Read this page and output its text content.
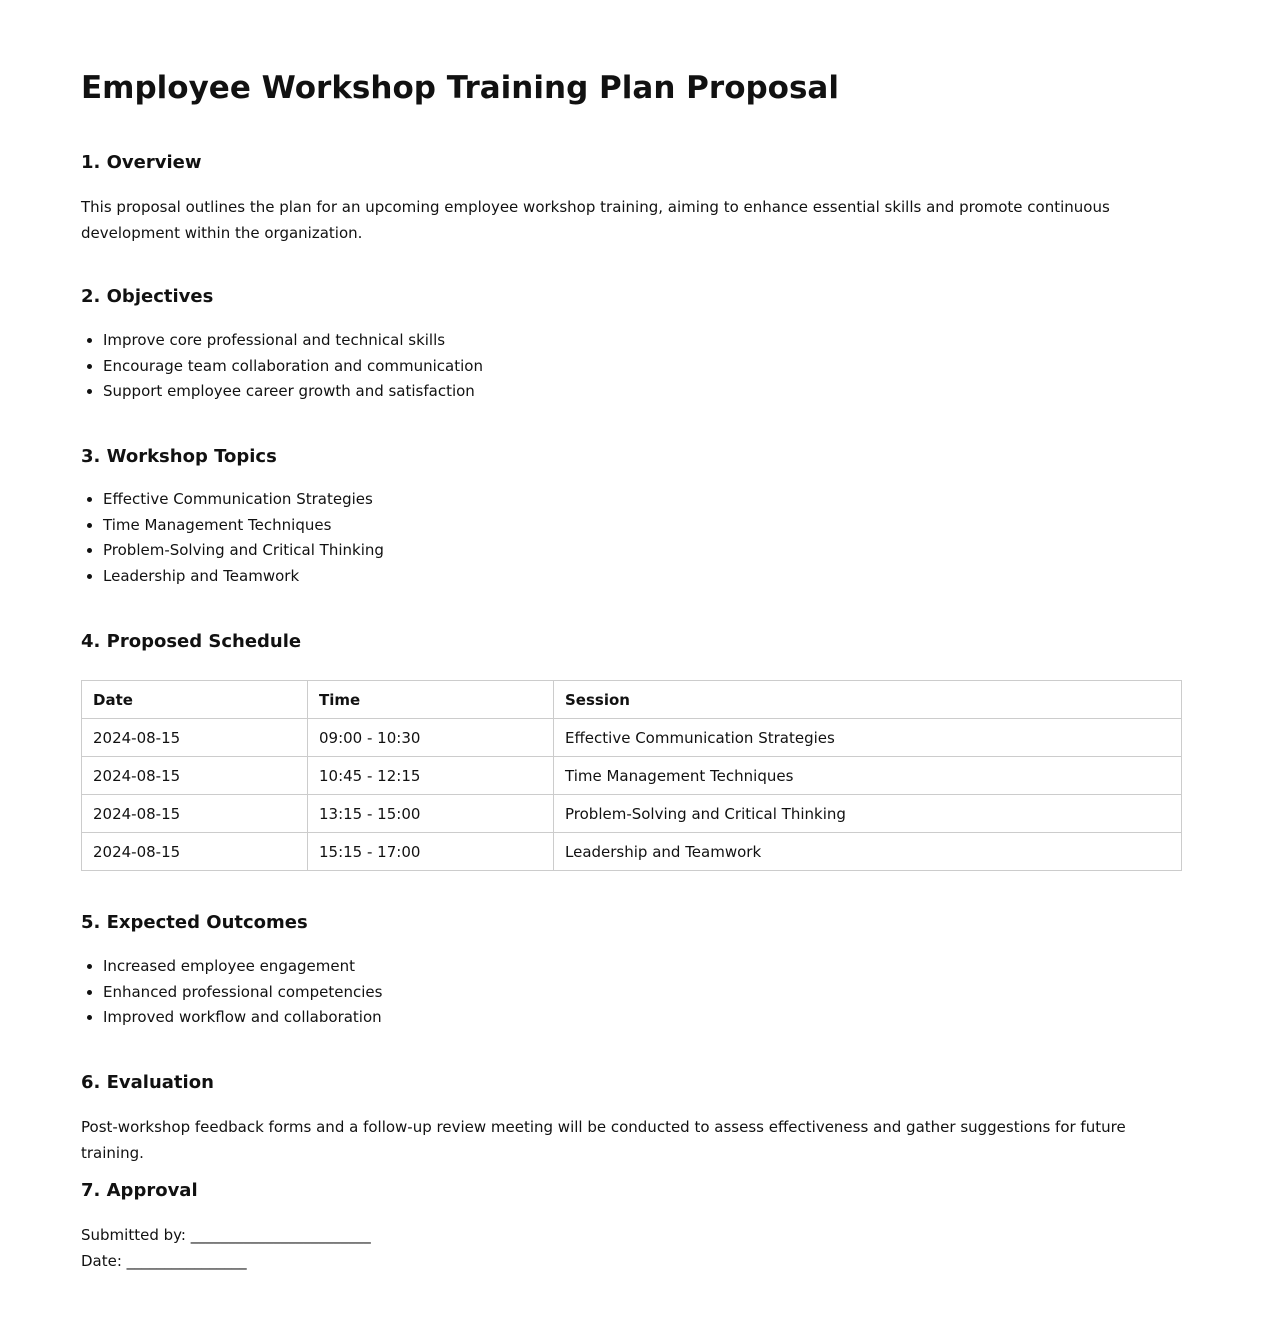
Employee Workshop Training Plan Proposal
1. Overview

This proposal outlines the plan for an upcoming employee workshop training, aiming to enhance essential skills and promote continuous development within the organization.

2. Objectives
• Improve core professional and technical skills
• Encourage team collaboration and communication
• Support employee career growth and satisfaction
3. Workshop Topics
• Effective Communication Strategies
• Time Management Techniques
• Problem-Solving and Critical Thinking
• Leadership and Teamwork
4. Proposed Schedule
Date	Time	Session
2024-08-15	09:00 - 10:30	Effective Communication Strategies
2024-08-15	10:45 - 12:15	Time Management Techniques
2024-08-15	13:15 - 15:00	Problem-Solving and Critical Thinking
2024-08-15	15:15 - 17:00	Leadership and Teamwork
5. Expected Outcomes
• Increased employee engagement
• Enhanced professional competencies
• Improved workflow and collaboration
6. Evaluation

Post-workshop feedback forms and a follow-up review meeting will be conducted to assess effectiveness and gather suggestions for future training.

7. Approval
Submitted by: ________________________
Date: ________________
